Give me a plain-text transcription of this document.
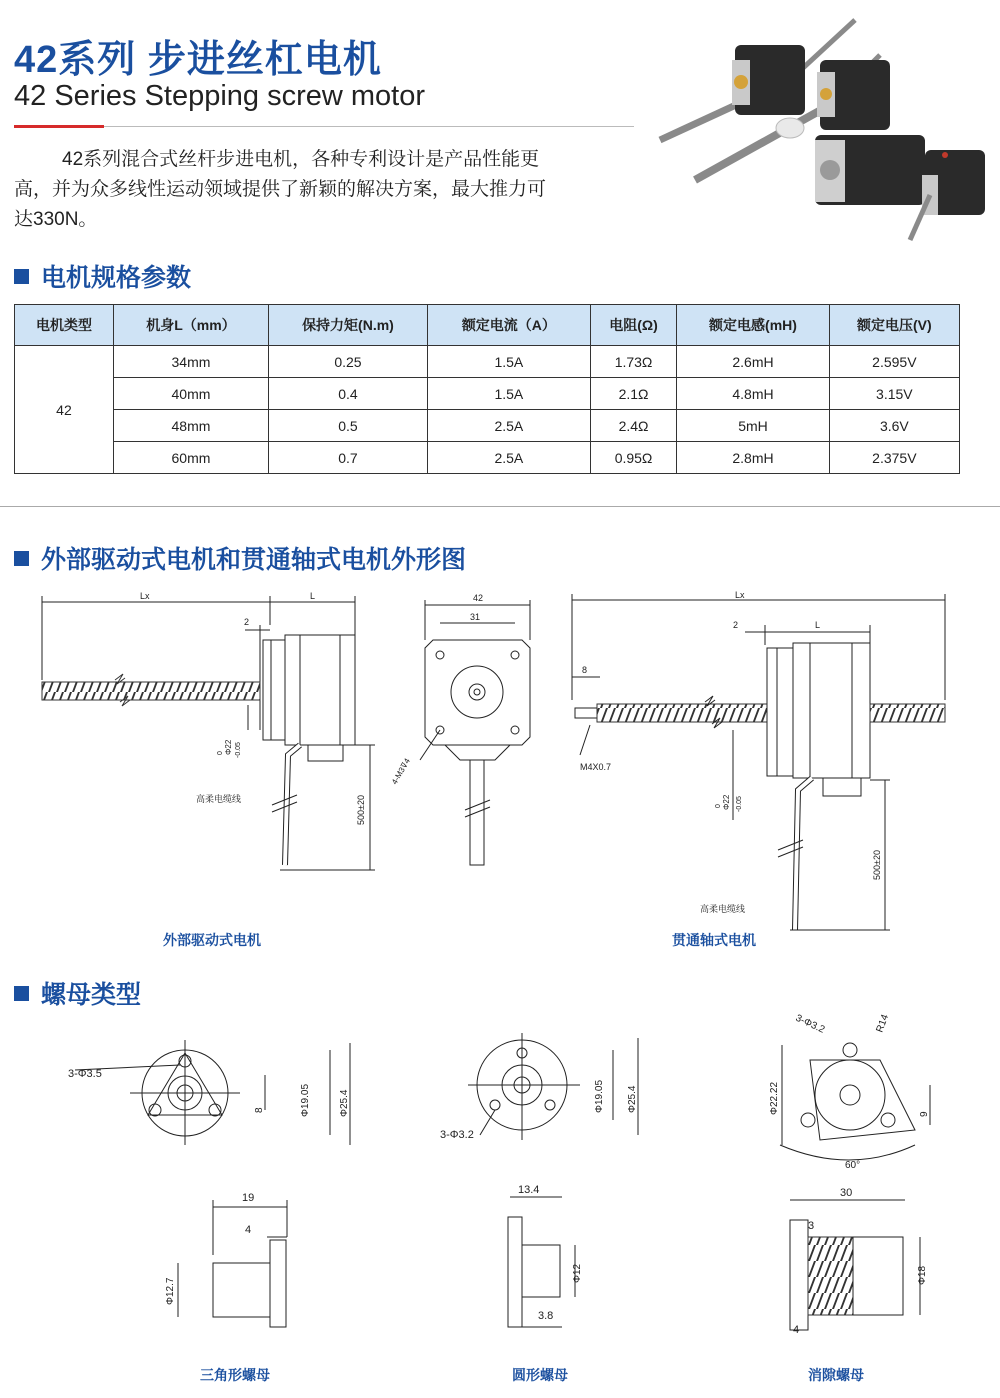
42系列 步进丝杠电机
42 Series Stepping screw motor
42系列混合式丝杆步进电机，各种专利设计是产品性能更高，并为众多线性运动领域提供了新颖的解决方案，最大推力可达330N。
电机规格参数
电机类型	机身L（mm）	保持力矩(N.m)	额定电流（A）	电阻(Ω)	额定电感(mH)	额定电压(V)
42	34mm	0.25	1.5A	1.73Ω	2.6mH	2.595V
	40mm	0.4	1.5A	2.1Ω	4.8mH	3.15V
	48mm	0.5	2.5A	2.4Ω	5mH	3.6V
	60mm	0.7	2.5A	0.95Ω	2.8mH	2.375V
外部驱动式电机和贯通轴式电机外形图
Lx	L
2
Φ22
0 -0.05
高柔电缆线	500±20
42
31
4-M3⊽4
Lx
L
2
8
M4X0.7
Φ22
0 -0.05
高柔电缆线
500±20
外部驱动式电机	贯通轴式电机
螺母类型
3-Φ3.5
8	Φ19.05	Φ25.4
3-Φ3.2
Φ19.05 Φ25.4
3-Φ3.2	R14
Φ22.22	9
60°
19
4
Φ12.7
13.4
Φ12
3.8
30
3
Φ18
4
三角形螺母	圆形螺母	消隙螺母
